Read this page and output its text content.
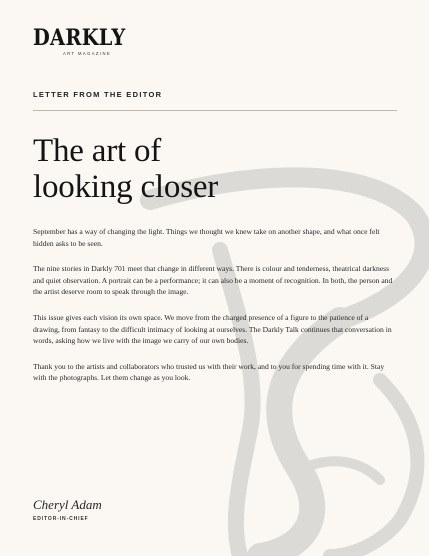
DARKLY
ART MAGAZINE
LETTER FROM THE EDITOR
The art of
looking closer

September has a way of changing the light. Things we thought we knew take on another shape, and what once felt hidden asks to be seen.

The nine stories in Darkly 701 meet that change in different ways. There is colour and tenderness, theatrical darkness and quiet observation. A portrait can be a performance; it can also be a moment of recognition. In both, the person and the artist deserve room to speak through the image.

This issue gives each vision its own space. We move from the charged presence of a figure to the patience of a drawing, from fantasy to the difficult intimacy of looking at ourselves. The Darkly Talk continues that conversation in words, asking how we live with the image we carry of our own bodies.

Thank you to the artists and collaborators who trusted us with their work, and to you for spending time with it. Stay with the photographs. Let them change as you look.

Cheryl Adam
EDITOR-IN-CHIEF
